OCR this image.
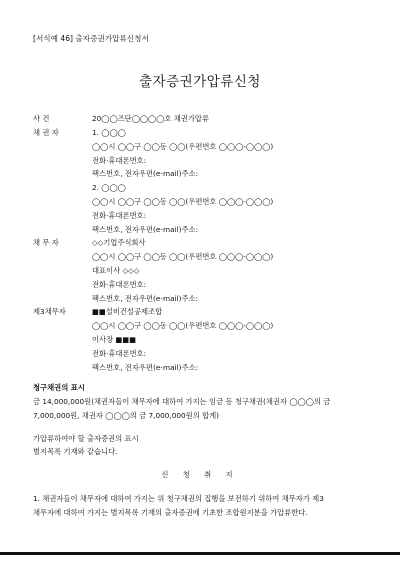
[서식예 46] 출자증권가압류신청서
출자증권가압류신청
사 건	20◯◯즈단◯◯◯◯호 채권가압류
채 권 자	1. ◯◯◯
◯◯시 ◯◯구 ◯◯동 ◯◯(우편번호 ◯◯◯-◯◯◯)
전화·휴대폰번호:
팩스번호, 전자우편(e-mail)주소:
2. ◯◯◯
◯◯시 ◯◯구 ◯◯동 ◯◯(우편번호 ◯◯◯-◯◯◯)
전화·휴대폰번호:
팩스번호, 전자우편(e-mail)주소:
채 무 자	◇◇기업주식회사
◯◯시 ◯◯구 ◯◯동 ◯◯(우편번호 ◯◯◯-◯◯◯)
대표이사 ◇◇◇
전화·휴대폰번호:
팩스번호, 전자우편(e-mail)주소:
제3채무자	■■설비건설공제조합
◯◯시 ◯◯구 ◯◯동 ◯◯(우편번호 ◯◯◯-◯◯◯)
이사장 ■■■
전화·휴대폰번호:
팩스번호, 전자우편(e-mail)주소:
청구채권의 표시
금 14,000,000원(채권자들이 채무자에 대하여 가지는 임금 등 청구채권(채권자 ◯◯◯의 금
7,000,000원, 채권자 ◯◯◯의 금 7,000,000원의 합계)
가압류하여야 할 출자증권의 표시
별지목록 기재와 같습니다.
신 청 취 지
1. 채권자들이 채무자에 대하여 가지는 위 청구채권의 집행을 보전하기 위하여 채무자가 제3
채무자에 대하여 가지는 별지목록 기재의 출자증권에 기초한 조합원지분을 가압류한다.
